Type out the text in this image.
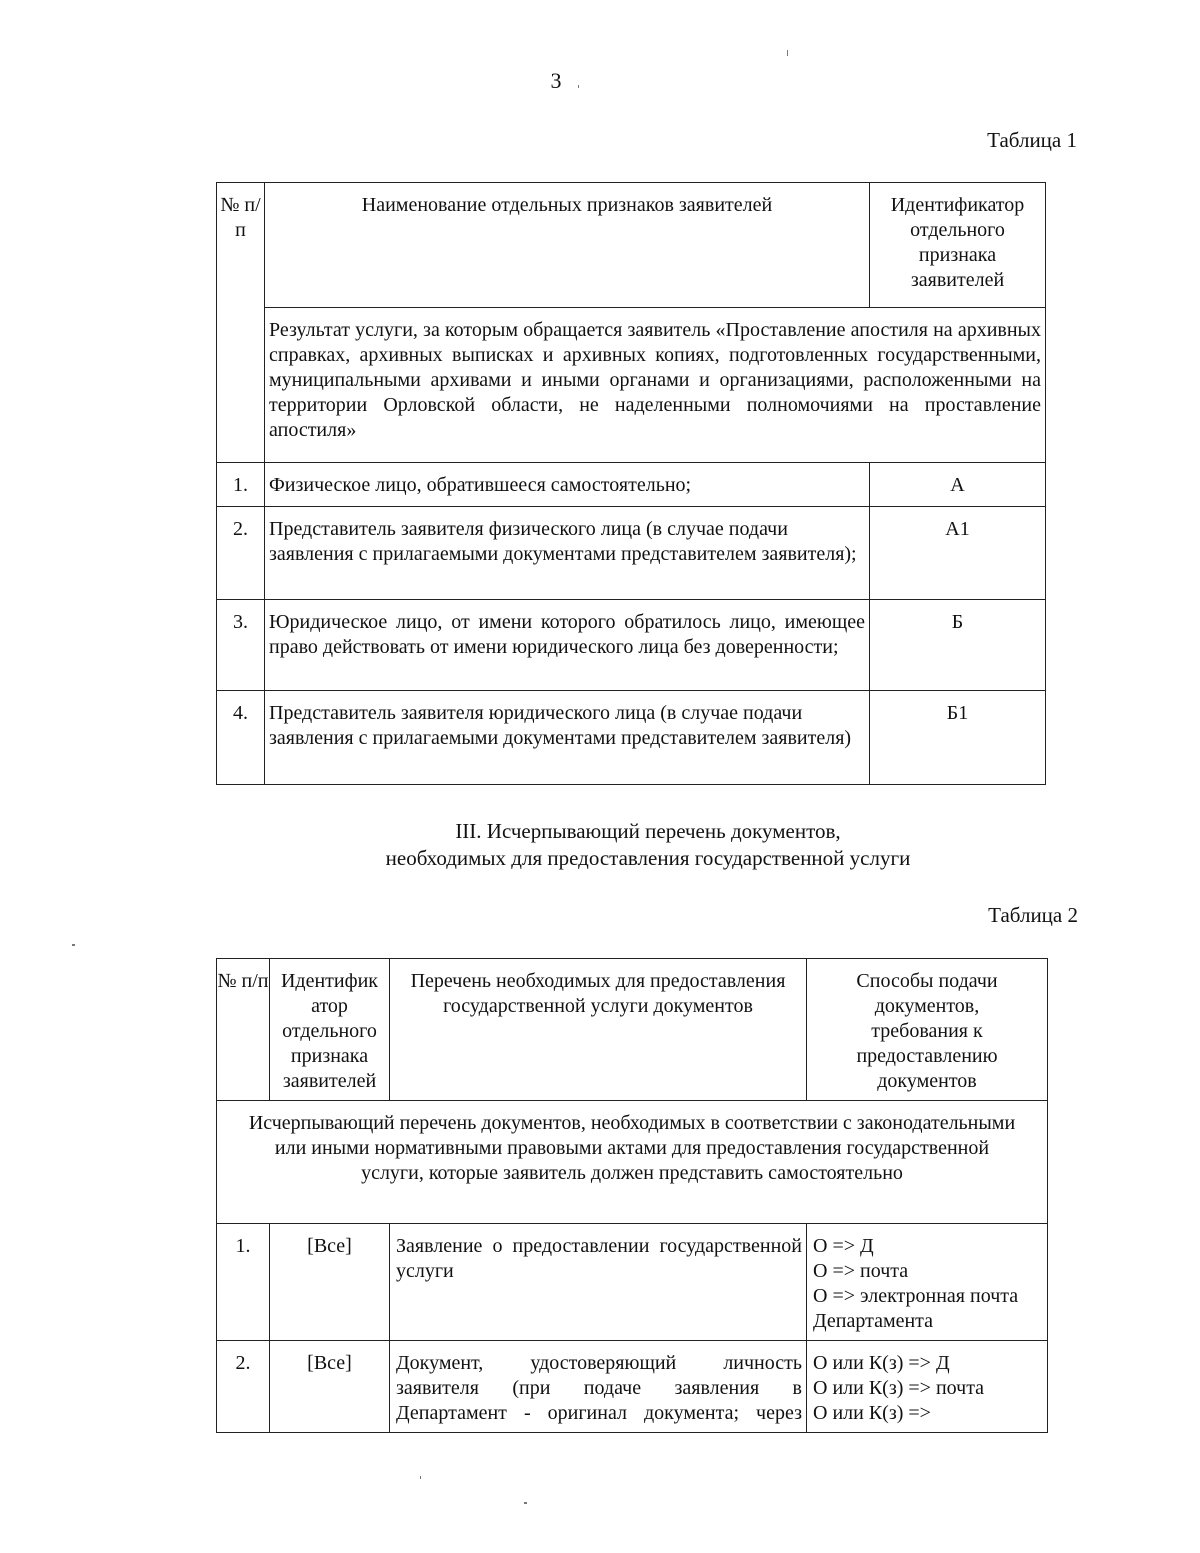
3
Таблица 1
№ п/п	Наименование отдельных признаков заявителей	Идентификатор отдельного признака заявителей
	Результат услуги, за которым обращается заявитель «Проставление апостиля на архивных справках, архивных выписках и архивных копиях, подготовленных государственными, муниципальными архивами и иными органами и организациями, расположенными на территории Орловской области, не наделенными полномочиями на проставление апостиля»	
1.	Физическое лицо, обратившееся самостоятельно;	А
2.	Представитель заявителя физического лица (в случае подачи заявления с прилагаемыми документами представителем заявителя);	А1
3.	Юридическое лицо, от имени которого обратилось лицо, имеющее право действовать от имени юридического лица без доверенности;	Б
4.	Представитель заявителя юридического лица (в случае подачи заявления с прилагаемыми документами представителем заявителя)	Б1
III. Исчерпывающий перечень документов,
необходимых для предоставления государственной услуги
Таблица 2
№ п/п	Идентифик атор отдельного признака заявителей	Перечень необходимых для предоставления государственной услуги документов	Способы подачи документов, требования к предоставлению документов
Исчерпывающий перечень документов, необходимых в соответствии с законодательными или иными нормативными правовыми актами для предоставления государственной услуги, которые заявитель должен представить самостоятельно			
1.	[Все]	Заявление о предоставлении государственной услуги	О => Д
О => почта
О => электронная почта Департамента

2.	[Все]	Документ, удостоверяющий личность заявителя (при подаче заявления в Департамент - оригинал документа; через	О или К(з) => Д
О или К(з) => почта
О или К(з) =>
